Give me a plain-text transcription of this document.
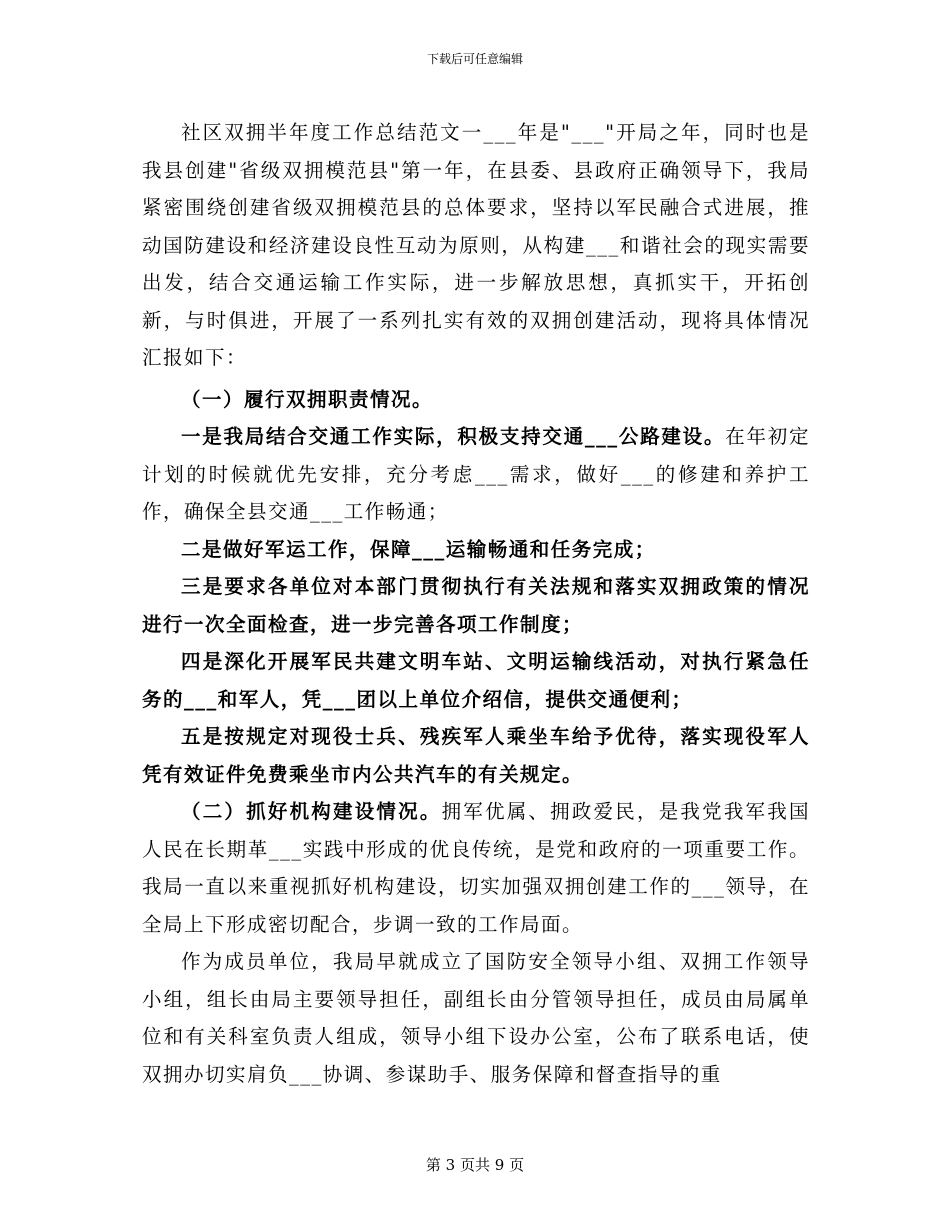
下载后可任意编辑

社区双拥半年度工作总结范文一___年是"___"开局之年，同时也是我县创建"省级双拥模范县"第一年，在县委、县政府正确领导下，我局紧密围绕创建省级双拥模范县的总体要求，坚持以军民融合式进展，推动国防建设和经济建设良性互动为原则，从构建___和谐社会的现实需要出发，结合交通运输工作实际，进一步解放思想，真抓实干，开拓创新，与时俱进，开展了一系列扎实有效的双拥创建活动，现将具体情况汇报如下：

（一）履行双拥职责情况。

一是我局结合交通工作实际，积极支持交通___公路建设。在年初定计划的时候就优先安排，充分考虑___需求，做好___的修建和养护工作，确保全县交通___工作畅通；

二是做好军运工作，保障___运输畅通和任务完成；

三是要求各单位对本部门贯彻执行有关法规和落实双拥政策的情况进行一次全面检查，进一步完善各项工作制度；

四是深化开展军民共建文明车站、文明运输线活动，对执行紧急任务的___和军人，凭___团以上单位介绍信，提供交通便利；

五是按规定对现役士兵、残疾军人乘坐车给予优待，落实现役军人凭有效证件免费乘坐市内公共汽车的有关规定。

（二）抓好机构建设情况。拥军优属、拥政爱民，是我党我军我国人民在长期革___实践中形成的优良传统，是党和政府的一项重要工作。我局一直以来重视抓好机构建设，切实加强双拥创建工作的___领导，在全局上下形成密切配合，步调一致的工作局面。

作为成员单位，我局早就成立了国防安全领导小组、双拥工作领导小组，组长由局主要领导担任，副组长由分管领导担任，成员由局属单位和有关科室负责人组成，领导小组下设办公室，公布了联系电话，使双拥办切实肩负___协调、参谋助手、服务保障和督查指导的重

第 3 页共 9 页
